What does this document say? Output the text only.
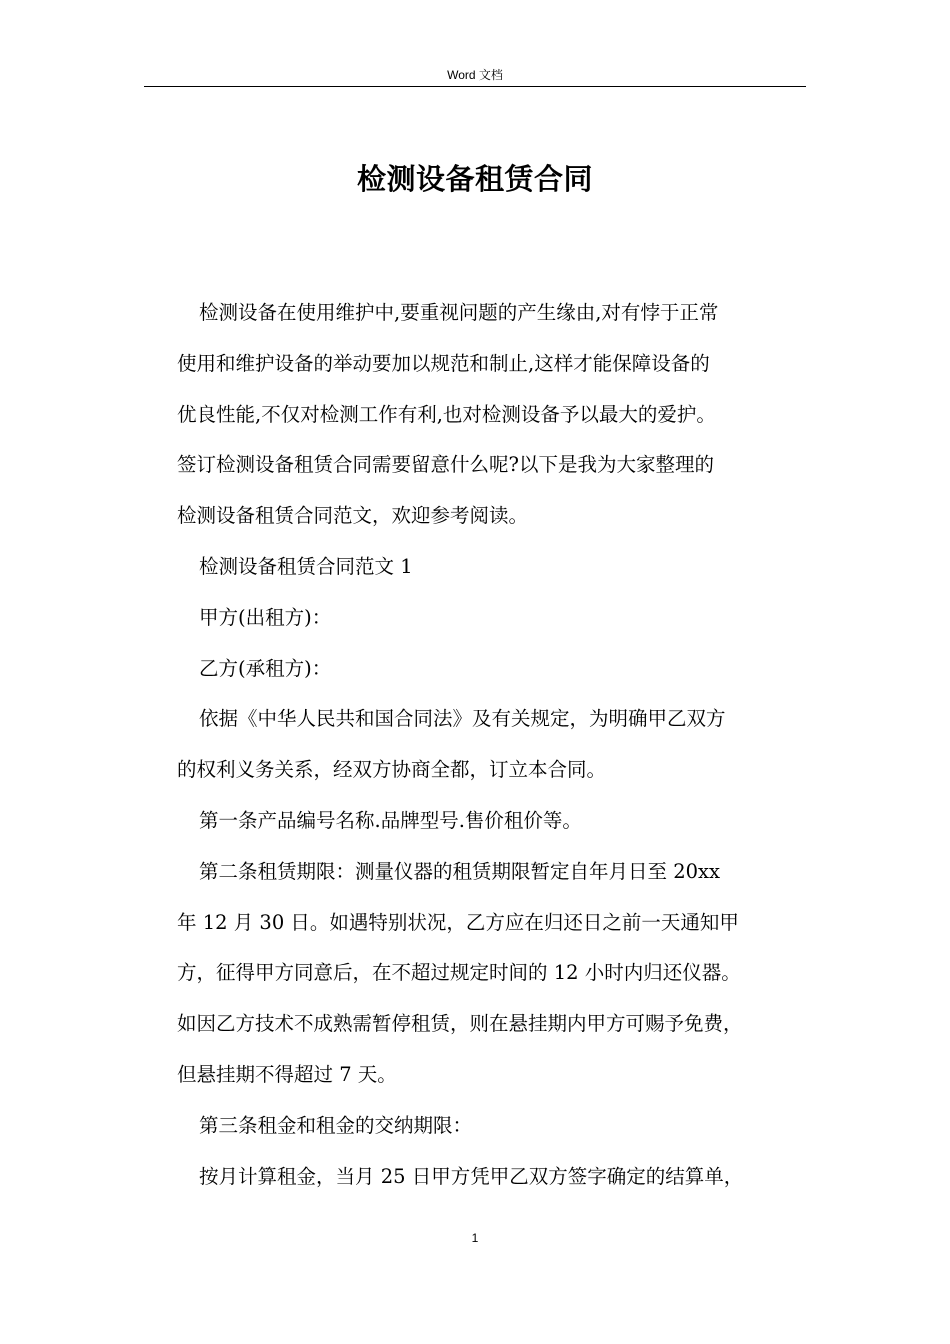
Word 文档
检测设备租赁合同
检测设备在使用维护中,要重视问题的产生缘由,对有悖于正常
使用和维护设备的举动要加以规范和制止,这样才能保障设备的
优良性能,不仅对检测工作有利,也对检测设备予以最大的爱护。
签订检测设备租赁合同需要留意什么呢?以下是我为大家整理的
检测设备租赁合同范文，欢迎参考阅读。
检测设备租赁合同范文 1
甲方(出租方)：
乙方(承租方)：
依据《中华人民共和国合同法》及有关规定，为明确甲乙双方
的权利义务关系，经双方协商全都，订立本合同。
第一条产品编号名称.品牌型号.售价租价等。
第二条租赁期限：测量仪器的租赁期限暂定自年月日至 20xx
年 12 月 30 日。如遇特别状况，乙方应在归还日之前一天通知甲
方，征得甲方同意后，在不超过规定时间的 12 小时内归还仪器。
如因乙方技术不成熟需暂停租赁，则在悬挂期内甲方可赐予免费，
但悬挂期不得超过 7 天。
第三条租金和租金的交纳期限：
按月计算租金，当月 25 日甲方凭甲乙双方签字确定的结算单，
1
